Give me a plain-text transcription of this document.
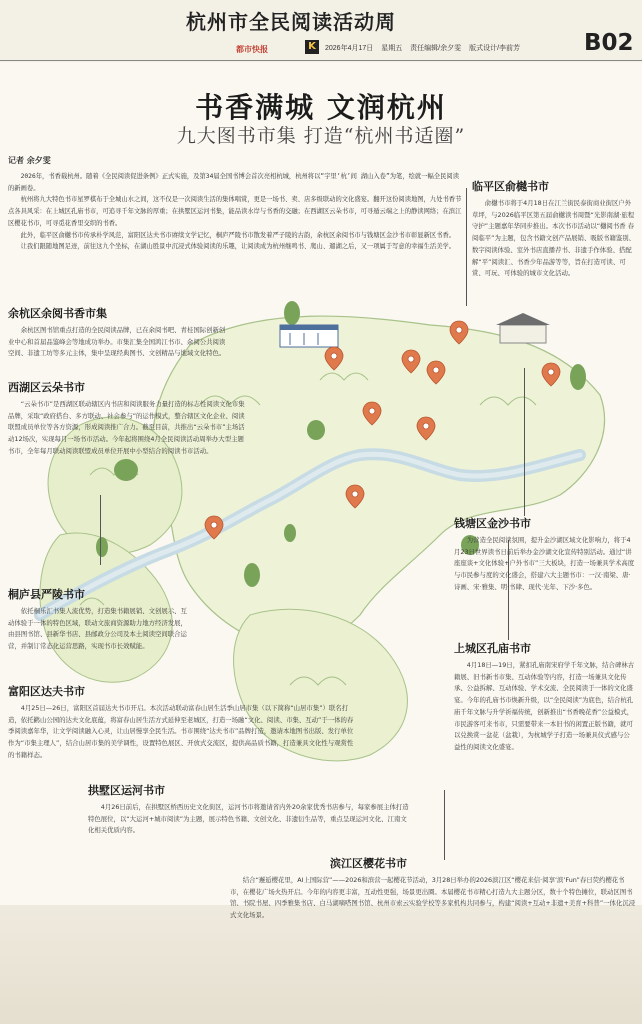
杭州市全民阅读活动周
都市快报	K	2026年4月17日 星期五 责任编辑/余夕雯 版式设计/李前芳	B02
书香满城 文润杭州
九大图书市集 打造“杭州书适圈”
记者 余夕雯

2026年，书香载杭州。随着《全民阅读促进条例》正式实施，及第34届全国书博会首次亮相杭城，杭州将以“宇里‘杭’间 湖山入卷”为笔，绘就一幅全民阅读的新画卷。

杭州将九大特色书市星罗棋布于全城山水之间，这不仅是一次阅读生活的集体唱赏，更是一场书、卖、店多级联动的文化盛宴。翻开这份阅读地图，九处书香节点各具风采：在上城区孔庙书市，可追寻千年文脉的厚重；在拱墅区运河书集，能品读水岸与书香的交融；在西湖区云朵书市，可寻遁云端之上的静读网络；在滨江区樱花书市，可寻觅花香里交织的书香。

此外，临平区俞樾书市传承朴学风范，富阳区达夫书市赓续文学记忆，桐庐严陵书市散发着严子陵的古韵，余杭区余阅书市与钱塘区金沙书市彰显新区书香。

让我们跟随地图足迹，前往这九个坐标，在湖山胜景中沉浸式体验阅读的乐趣，让阅读成为杭州继鸣书、爬山、遛湖之后，又一项属于写意的幸福生活美学。

余杭区余阅书香市集
余杭区图书馆重点打造的全民阅读品牌，已在余阅书吧、青桂国际创新创业中心和首届品鉴峰会等地成功举办。市集汇集全国鸿江书市、余阅公共阅读空间、非遗工坊等多元主体，集中呈现经典图书、文创精品与地域文化特色。
西湖区云朵书市
“云朵书市”是西湖区联动辖区内书店和阅读服务力量打造的标志性阅读文化市集品牌，采取“政府搭台、多方联动、社会参与”的运作模式，整合辖区文化企业、阅读联盟成员单位等各方资源，形成阅读推广合力。截至目前，共推出“云朵书市”主场活动12场次，实现每月一场书市活动。今年起将围绕4月全民阅读活动周举办大型主题书市，全年每月联动阅读联盟成员单位开展中小型结合的阅读书市活动。
桐庐县严陵书市
依托桐乐汇书集人流优势，打造集书籍展销、文创展示、互动体验于一体的特色区域，联动文旅商资源助力地方经济发展，由县图书馆、县新华书店、县邮政分公司及本土阅读空间联合运营，并制订常态化运营思路，实现书市长效赋能。
富阳区达夫书市
4月25日—26日，富阳区首届达夫书市开启。本次活动联动富春山居生活季山居市集（以下简称“山居市集”）联名打造，依托鹳山公园的达夫文化底蕴，将富春山居生活方式延伸至老城区，打造一场融“文化、阅读、市集、互动”于一体的春季阅读嘉年华，让文学阅读融入心灵，让山居慢享全民生活。书市围绕“达夫书市”品牌打造，邀请本地图书出版、发行单位作为“市集主理人”，结合山居市集的美学调性，设置特色展区、开放式交流区，提供高品质书籍，打造兼具文化性与观赏性的书籍样态。
拱墅区运河书市
4月26日前后，在拱墅区桥西历史文化街区，运河书市将邀请省内外20余家优秀书店参与，每家参展主体打造特色展位，以“大运河+城市阅读”为主题，展示特色书籍、文创文化、非遗衍生品等，重点呈现运河文化、江南文化相关优质内容。
临平区俞樾书市
俞樾书市将于4月18日在江兰街民泰街商业街区户外草坪，与2026临平区第五届俞樾读书周暨“光影南湖·旅程守护”主题嘉年华同步推出。本次书市活动以“樾阅书香 春阅临平”为主题，包含书籍文创产品展销、吸版书籍鉴别、数字阅读体验、室外书店直播荐书、非遗手作体验、搭配解“平”阅读汇、书香少年品游等等，旨在打造可读、可赏、可玩、可体验的城市文化活动。
钱塘区金沙书市
为营造全民阅读氛围，提升金沙湖区域文化影响力，将于4月23日世界读书日前后举办金沙湖文化宣传特别活动。通过“讲座座谈+文化体验+户外书市”三大板块，打造一场兼具学术高度与市民参与度的文化盛会，搭建六大主题书市：一汉·南梁、唐·诗画、宋·雅集、明·书肆、现代·光年、下沙·多色。
上城区孔庙书市
4月18日—19日，紧扣孔庙南宋府学千年文脉，结合碑林古籍展、旧书新书市集、互动体验等内容，打造一场兼具文化传承、公益拆解、互动体验、学术交流、全民阅读于一体的文化盛宴。今年的孔庙书市焕新升级，以“全民阅读”为底色，结合杭孔庙千年文脉与升学祈福传统，创新推出“书香晚花香”公益模式，市民游客可来书市，只需要带来一本旧书的闲置正版书籍，就可以兑换赏一盆花（盆栽），为杭城学子打造一场兼具仪式感与公益性的阅读文化盛宴。
滨江区樱花书市
结合“邂逅樱花里，AI上国际营”——2026和滨营一起樱花节活动，3月28日举办的2026滨江区“樱花来信·阅享‘滨’Fun”春日荧约樱花书市，在樱花广场火热开启。今年的内容更丰富，互动性更强，场景更出圈。本届樱花书市精心打造九大主题分区，数十个特色摊位，联动区图书馆、书院书屋、四季雅集书店、白马湖嘀嗒图书馆、杭州市索云实验学校等多家机构共同参与，构建“阅读+互动+非遗+美育+科普”一体化沉浸式文化场景。
